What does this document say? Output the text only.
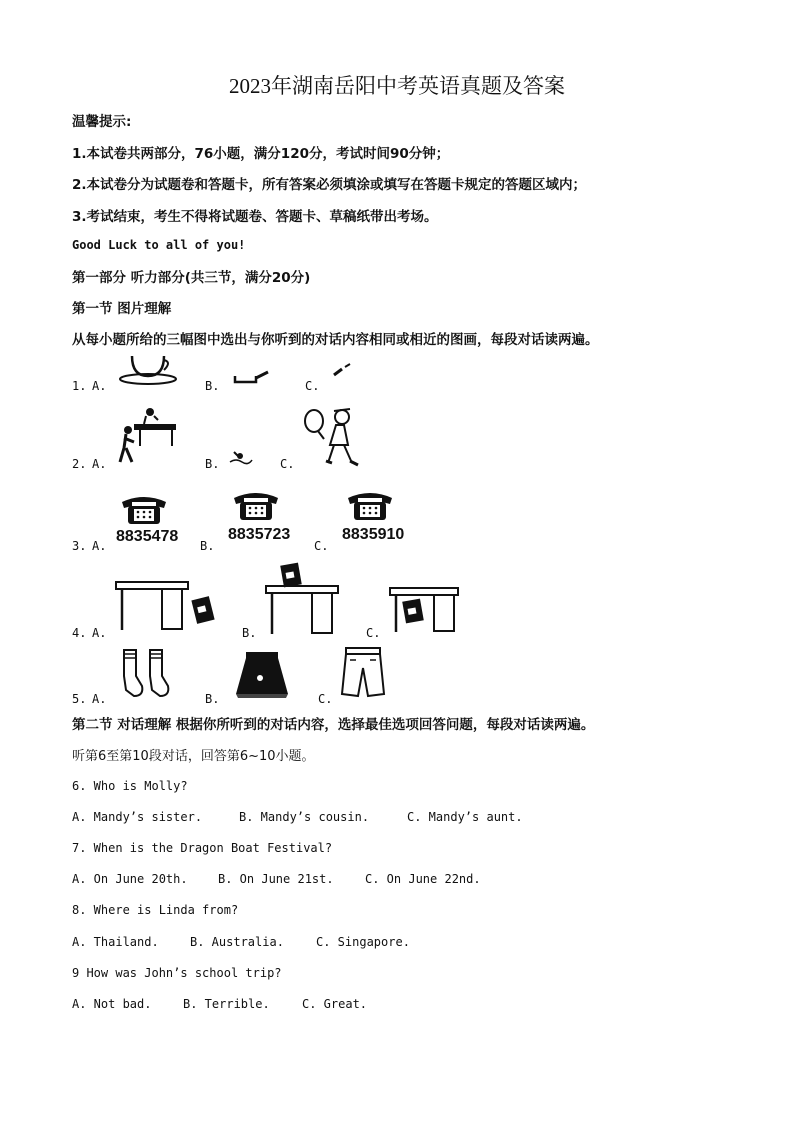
2023年湖南岳阳中考英语真题及答案
温馨提示:
1.本试卷共两部分，76小题，满分120分，考试时间90分钟；
2.本试卷分为试题卷和答题卡，所有答案必须填涂或填写在答题卡规定的答题区域内；
3.考试结束，考生不得将试题卷、答题卡、草稿纸带出考场。
Good Luck to all of you!
第一部分 听力部分(共三节，满分20分)
第一节 图片理解
从每小题所给的三幅图中选出与你听到的对话内容相同或相近的图画，每段对话读两遍。
1. A.	B.	C.
2. A.	B.	C.
3. A.
8835478
B.
8835723
C.
8835910
4. A.	B.	C.
5. A.	B.	C.
第二节 对话理解 根据你所听到的对话内容，选择最佳选项回答问题，每段对话读两遍。
听第6至第10段对话，回答第6~10小题。
6. Who is Molly?
A. Mandy’s sister.	B. Mandy’s cousin.	C. Mandy’s aunt.
7. When is the Dragon Boat Festival?
A. On June 20th.	B. On June 21st.	C. On June 22nd.
8. Where is Linda from?
A. Thailand.	B. Australia.	C. Singapore.
9 How was John’s school trip?
A. Not bad.	B. Terrible.	C. Great.
